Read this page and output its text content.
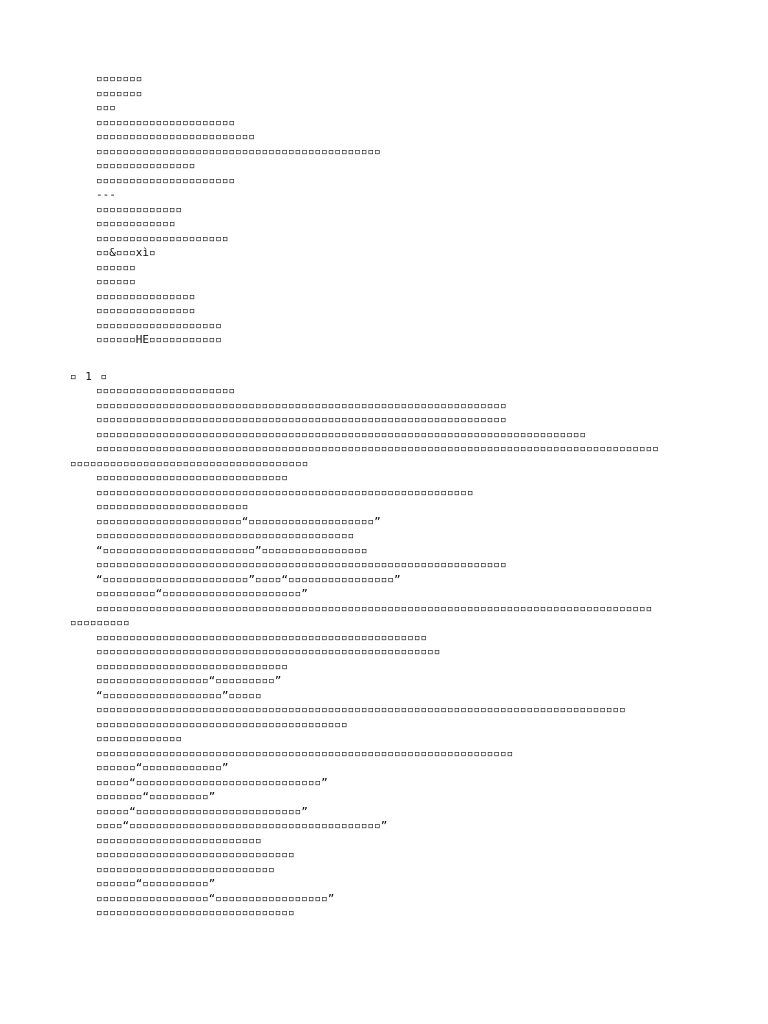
▫▫▫▫▫▫▫
▫▫▫▫▫▫▫
▫▫▫
▫▫▫▫▫▫▫▫▫▫▫▫▫▫▫▫▫▫▫▫▫
▫▫▫▫▫▫▫▫▫▫▫▫▫▫▫▫▫▫▫▫▫▫▫▫
▫▫▫▫▫▫▫▫▫▫▫▫▫▫▫▫▫▫▫▫▫▫▫▫▫▫▫▫▫▫▫▫▫▫▫▫▫▫▫▫▫▫▫
▫▫▫▫▫▫▫▫▫▫▫▫▫▫▫
▫▫▫▫▫▫▫▫▫▫▫▫▫▫▫▫▫▫▫▫▫
---
▫▫▫▫▫▫▫▫▫▫▫▫▫
▫▫▫▫▫▫▫▫▫▫▫▫
▫▫▫▫▫▫▫▫▫▫▫▫▫▫▫▫▫▫▫▫
▫▫&▫▫▫xì▫
▫▫▫▫▫▫
▫▫▫▫▫▫
▫▫▫▫▫▫▫▫▫▫▫▫▫▫▫
▫▫▫▫▫▫▫▫▫▫▫▫▫▫▫
▫▫▫▫▫▫▫▫▫▫▫▫▫▫▫▫▫▫▫
▫▫▫▫▫▫HE▫▫▫▫▫▫▫▫▫▫▫
▫ 1 ▫
▫▫▫▫▫▫▫▫▫▫▫▫▫▫▫▫▫▫▫▫▫
▫▫▫▫▫▫▫▫▫▫▫▫▫▫▫▫▫▫▫▫▫▫▫▫▫▫▫▫▫▫▫▫▫▫▫▫▫▫▫▫▫▫▫▫▫▫▫▫▫▫▫▫▫▫▫▫▫▫▫▫▫▫
▫▫▫▫▫▫▫▫▫▫▫▫▫▫▫▫▫▫▫▫▫▫▫▫▫▫▫▫▫▫▫▫▫▫▫▫▫▫▫▫▫▫▫▫▫▫▫▫▫▫▫▫▫▫▫▫▫▫▫▫▫▫
▫▫▫▫▫▫▫▫▫▫▫▫▫▫▫▫▫▫▫▫▫▫▫▫▫▫▫▫▫▫▫▫▫▫▫▫▫▫▫▫▫▫▫▫▫▫▫▫▫▫▫▫▫▫▫▫▫▫▫▫▫▫▫▫▫▫▫▫▫▫▫▫▫▫
▫▫▫▫▫▫▫▫▫▫▫▫▫▫▫▫▫▫▫▫▫▫▫▫▫▫▫▫▫▫▫▫▫▫▫▫▫▫▫▫▫▫▫▫▫▫▫▫▫▫▫▫▫▫▫▫▫▫▫▫▫▫▫▫▫▫▫▫▫▫▫▫▫▫▫▫▫▫▫▫▫▫▫▫▫
▫▫▫▫▫▫▫▫▫▫▫▫▫▫▫▫▫▫▫▫▫▫▫▫▫▫▫▫▫▫▫▫▫▫▫▫
▫▫▫▫▫▫▫▫▫▫▫▫▫▫▫▫▫▫▫▫▫▫▫▫▫▫▫▫▫
▫▫▫▫▫▫▫▫▫▫▫▫▫▫▫▫▫▫▫▫▫▫▫▫▫▫▫▫▫▫▫▫▫▫▫▫▫▫▫▫▫▫▫▫▫▫▫▫▫▫▫▫▫▫▫▫▫
▫▫▫▫▫▫▫▫▫▫▫▫▫▫▫▫▫▫▫▫▫▫▫
▫▫▫▫▫▫▫▫▫▫▫▫▫▫▫▫▫▫▫▫▫▫“▫▫▫▫▫▫▫▫▫▫▫▫▫▫▫▫▫▫▫”
▫▫▫▫▫▫▫▫▫▫▫▫▫▫▫▫▫▫▫▫▫▫▫▫▫▫▫▫▫▫▫▫▫▫▫▫▫▫▫
“▫▫▫▫▫▫▫▫▫▫▫▫▫▫▫▫▫▫▫▫▫▫▫”▫▫▫▫▫▫▫▫▫▫▫▫▫▫▫▫
▫▫▫▫▫▫▫▫▫▫▫▫▫▫▫▫▫▫▫▫▫▫▫▫▫▫▫▫▫▫▫▫▫▫▫▫▫▫▫▫▫▫▫▫▫▫▫▫▫▫▫▫▫▫▫▫▫▫▫▫▫▫
“▫▫▫▫▫▫▫▫▫▫▫▫▫▫▫▫▫▫▫▫▫▫”▫▫▫▫“▫▫▫▫▫▫▫▫▫▫▫▫▫▫▫▫”
▫▫▫▫▫▫▫▫▫“▫▫▫▫▫▫▫▫▫▫▫▫▫▫▫▫▫▫▫▫▫”
▫▫▫▫▫▫▫▫▫▫▫▫▫▫▫▫▫▫▫▫▫▫▫▫▫▫▫▫▫▫▫▫▫▫▫▫▫▫▫▫▫▫▫▫▫▫▫▫▫▫▫▫▫▫▫▫▫▫▫▫▫▫▫▫▫▫▫▫▫▫▫▫▫▫▫▫▫▫▫▫▫▫▫▫
▫▫▫▫▫▫▫▫▫
▫▫▫▫▫▫▫▫▫▫▫▫▫▫▫▫▫▫▫▫▫▫▫▫▫▫▫▫▫▫▫▫▫▫▫▫▫▫▫▫▫▫▫▫▫▫▫▫▫▫
▫▫▫▫▫▫▫▫▫▫▫▫▫▫▫▫▫▫▫▫▫▫▫▫▫▫▫▫▫▫▫▫▫▫▫▫▫▫▫▫▫▫▫▫▫▫▫▫▫▫▫▫
▫▫▫▫▫▫▫▫▫▫▫▫▫▫▫▫▫▫▫▫▫▫▫▫▫▫▫▫▫
▫▫▫▫▫▫▫▫▫▫▫▫▫▫▫▫▫“▫▫▫▫▫▫▫▫▫”
“▫▫▫▫▫▫▫▫▫▫▫▫▫▫▫▫▫▫”▫▫▫▫▫
▫▫▫▫▫▫▫▫▫▫▫▫▫▫▫▫▫▫▫▫▫▫▫▫▫▫▫▫▫▫▫▫▫▫▫▫▫▫▫▫▫▫▫▫▫▫▫▫▫▫▫▫▫▫▫▫▫▫▫▫▫▫▫▫▫▫▫▫▫▫▫▫▫▫▫▫▫▫▫▫
▫▫▫▫▫▫▫▫▫▫▫▫▫▫▫▫▫▫▫▫▫▫▫▫▫▫▫▫▫▫▫▫▫▫▫▫▫▫
▫▫▫▫▫▫▫▫▫▫▫▫▫
▫▫▫▫▫▫▫▫▫▫▫▫▫▫▫▫▫▫▫▫▫▫▫▫▫▫▫▫▫▫▫▫▫▫▫▫▫▫▫▫▫▫▫▫▫▫▫▫▫▫▫▫▫▫▫▫▫▫▫▫▫▫▫
▫▫▫▫▫▫“▫▫▫▫▫▫▫▫▫▫▫▫”
▫▫▫▫▫“▫▫▫▫▫▫▫▫▫▫▫▫▫▫▫▫▫▫▫▫▫▫▫▫▫▫▫▫”
▫▫▫▫▫▫▫“▫▫▫▫▫▫▫▫▫”
▫▫▫▫▫“▫▫▫▫▫▫▫▫▫▫▫▫▫▫▫▫▫▫▫▫▫▫▫▫▫”
▫▫▫▫“▫▫▫▫▫▫▫▫▫▫▫▫▫▫▫▫▫▫▫▫▫▫▫▫▫▫▫▫▫▫▫▫▫▫▫▫▫▫”
▫▫▫▫▫▫▫▫▫▫▫▫▫▫▫▫▫▫▫▫▫▫▫▫▫
▫▫▫▫▫▫▫▫▫▫▫▫▫▫▫▫▫▫▫▫▫▫▫▫▫▫▫▫▫▫
▫▫▫▫▫▫▫▫▫▫▫▫▫▫▫▫▫▫▫▫▫▫▫▫▫▫▫
▫▫▫▫▫▫“▫▫▫▫▫▫▫▫▫▫”
▫▫▫▫▫▫▫▫▫▫▫▫▫▫▫▫▫“▫▫▫▫▫▫▫▫▫▫▫▫▫▫▫▫▫”
▫▫▫▫▫▫▫▫▫▫▫▫▫▫▫▫▫▫▫▫▫▫▫▫▫▫▫▫▫▫
